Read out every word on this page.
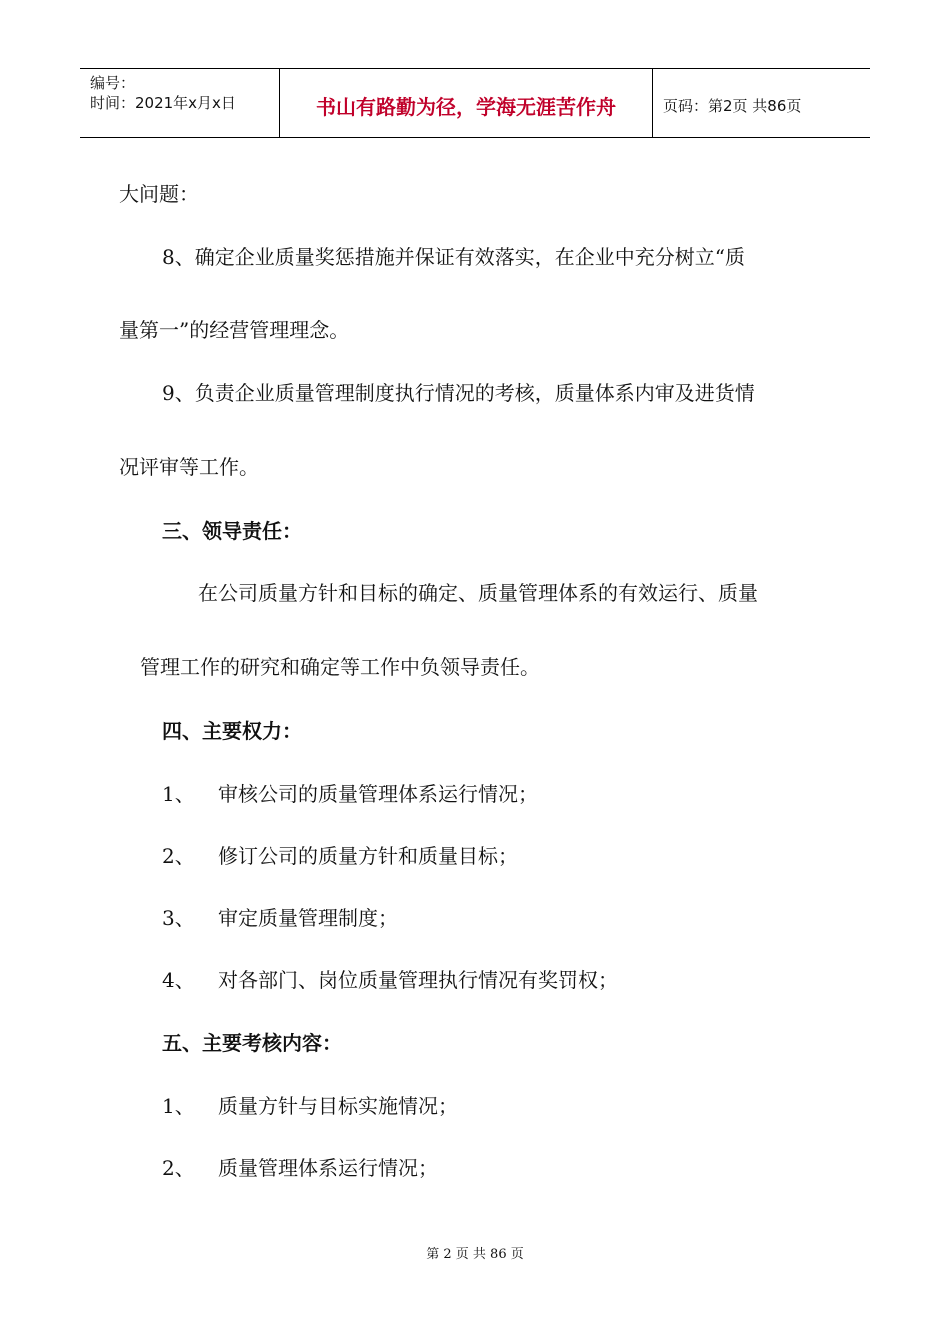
编号：
时间：2021年x月x日	书山有路勤为径，学海无涯苦作舟	页码：第2页 共86页
大问题：
8、确定企业质量奖惩措施并保证有效落实，在企业中充分树立“质
量第一”的经营管理理念。
9、负责企业质量管理制度执行情况的考核，质量体系内审及进货情
况评审等工作。
三、领导责任：
在公司质量方针和目标的确定、质量管理体系的有效运行、质量
管理工作的研究和确定等工作中负领导责任。
四、主要权力：
1、 审核公司的质量管理体系运行情况；
2、 修订公司的质量方针和质量目标；
3、 审定质量管理制度；
4、 对各部门、岗位质量管理执行情况有奖罚权；
五、主要考核内容：
1、 质量方针与目标实施情况；
2、 质量管理体系运行情况；
第 2 页 共 86 页
